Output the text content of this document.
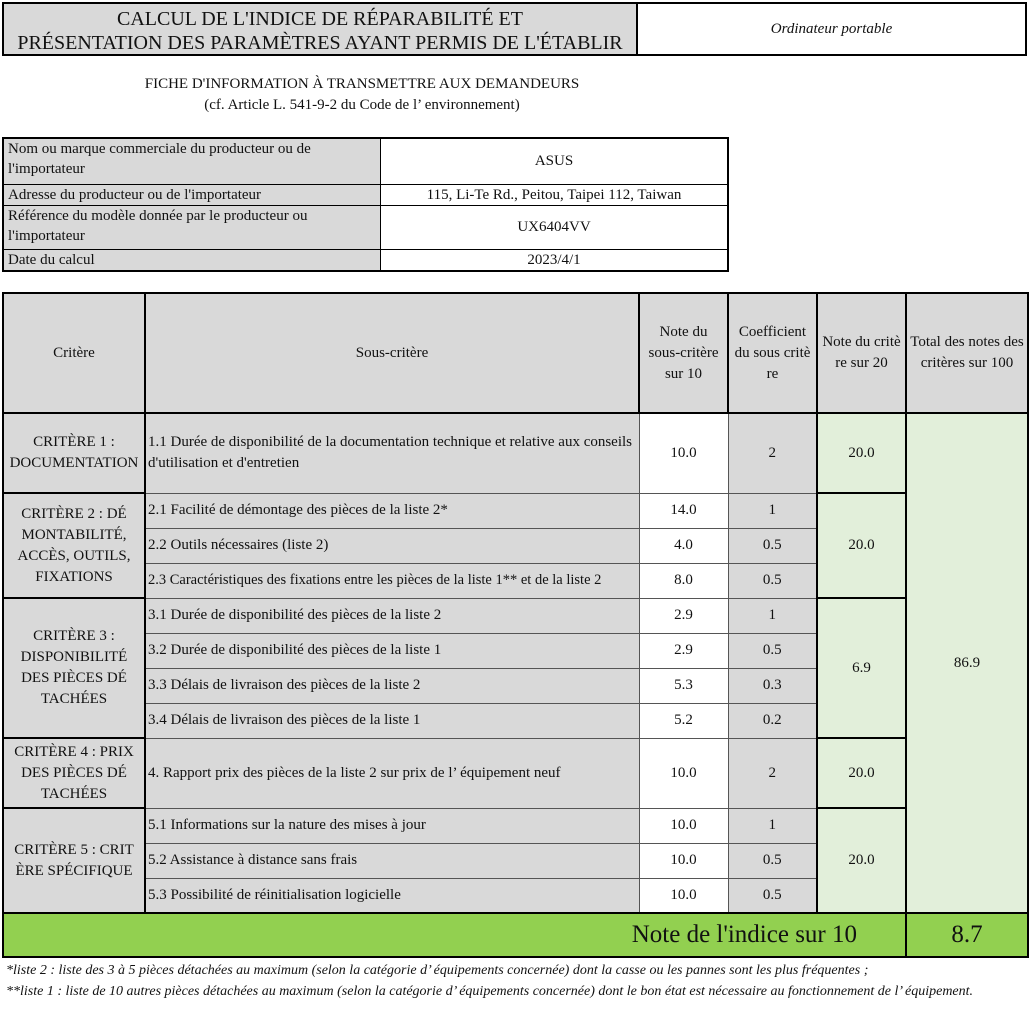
CALCUL DE L'INDICE DE RÉPARABILITÉ ET
PRÉSENTATION DES PARAMÈTRES AYANT PERMIS DE L'ÉTABLIR
Ordinateur portable
FICHE D'INFORMATION À TRANSMETTRE AUX DEMANDEURS
(cf. Article L. 541-9-2 du Code de l’ environnement)
Nom ou marque commerciale du producteur ou de l'importateur	ASUS
Adresse du producteur ou de l'importateur	115, Li-Te Rd., Peitou, Taipei 112, Taiwan
Référence du modèle donnée par le producteur ou l'importateur	UX6404VV
Date du calcul	2023/4/1
Critère	Sous-critère	Note du sous-critère sur 10	Coefficient du sous critè re	Note du critè re sur 20	Total des notes des critères sur 100
CRITÈRE 1 : DOCUMENTATION	1.1 Durée de disponibilité de la documentation technique et relative aux conseils d'utilisation et d'entretien	10.0	2	20.0	86.9
CRITÈRE 2 : DÉ MONTABILITÉ, ACCÈS, OUTILS, FIXATIONS	2.1 Facilité de démontage des pièces de la liste 2*	14.0	1	20.0	
	2.2 Outils nécessaires (liste 2)	4.0	0.5		
	2.3 Caractéristiques des fixations entre les pièces de la liste 1** et de la liste 2	8.0	0.5		
CRITÈRE 3 : DISPONIBILITÉ DES PIÈCES DÉ TACHÉES	3.1 Durée de disponibilité des pièces de la liste 2	2.9	1	6.9	
	3.2 Durée de disponibilité des pièces de la liste 1	2.9	0.5		
	3.3 Délais de livraison des pièces de la liste 2	5.3	0.3		
	3.4 Délais de livraison des pièces de la liste 1	5.2	0.2		
CRITÈRE 4 : PRIX DES PIÈCES DÉ TACHÉES	4. Rapport prix des pièces de la liste 2 sur prix de l’ équipement neuf	10.0	2	20.0	
CRITÈRE 5 : CRIT ÈRE SPÉCIFIQUE	5.1 Informations sur la nature des mises à jour	10.0	1	20.0	
	5.2 Assistance à distance sans frais	10.0	0.5		
	5.3 Possibilité de réinitialisation logicielle	10.0	0.5		
Note de l'indice sur 10					8.7
*liste 2 : liste des 3 à 5 pièces détachées au maximum (selon la catégorie d’ équipements concernée) dont la casse ou les pannes sont les plus fréquentes ;
**liste 1 : liste de 10 autres pièces détachées au maximum (selon la catégorie d’ équipements concernée) dont le bon état est nécessaire au fonctionnement de l’ équipement.
